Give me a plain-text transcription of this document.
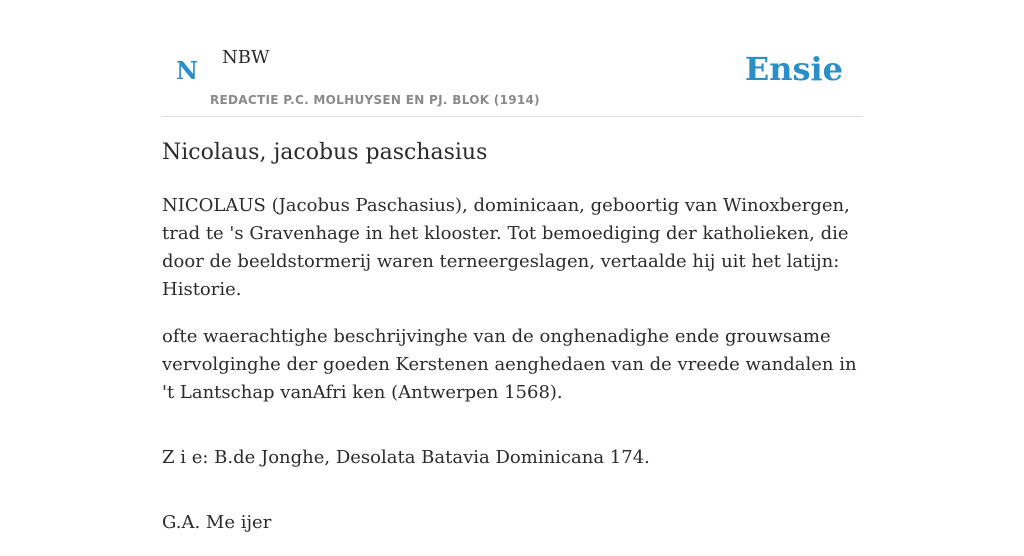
N NBW
REDACTIE P.C. MOLHUYSEN EN PJ. BLOK (1914)
Ensie
Nicolaus, jacobus paschasius

NICOLAUS (Jacobus Paschasius), dominicaan, geboortig van Winoxbergen, trad te 's Gravenhage in het klooster. Tot bemoediging der katholieken, die door de beeldstormerij waren terneergeslagen, vertaalde hij uit het latijn: Historie.

ofte waerachtighe beschrijvinghe van de onghenadighe ende grouwsame vervolginghe der goeden Kerstenen aenghedaen van de vreede wandalen in 't Lantschap vanAfri ken (Antwerpen 1568).

Z i e: B.de Jonghe, Desolata Batavia Dominicana 174.

G.A. Me ijer
